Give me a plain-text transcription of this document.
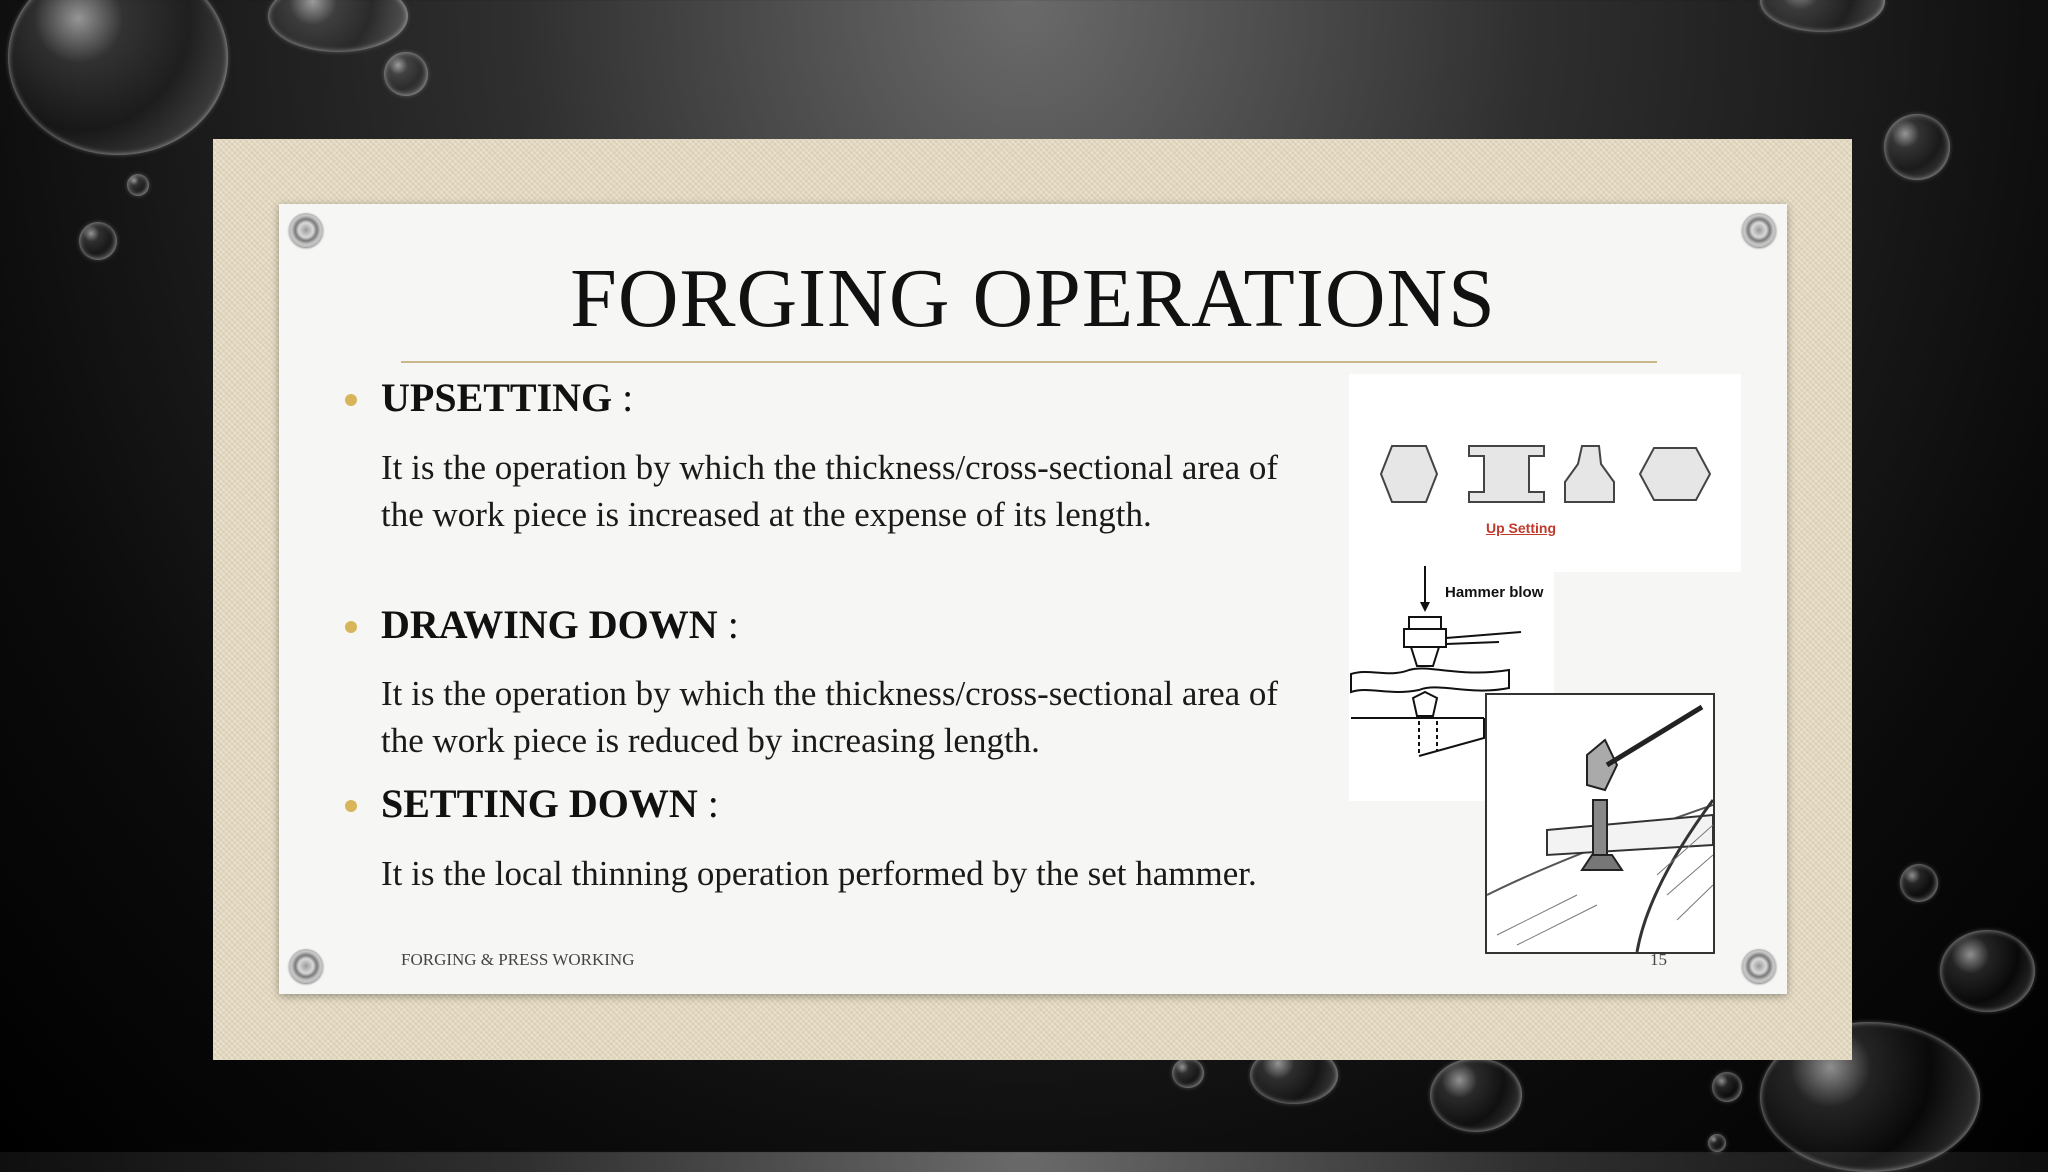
FORGING OPERATIONS
UPSETTING :
It is the operation by which the thickness/cross-sectional area of the work piece is increased at the expense of its length.
DRAWING DOWN :
It is the operation by which the thickness/cross-sectional area of the work piece is reduced by increasing length.
SETTING DOWN :
It is the local thinning operation performed by the set hammer.
Up Setting
Hammer blow
FORGING & PRESS WORKING	15
